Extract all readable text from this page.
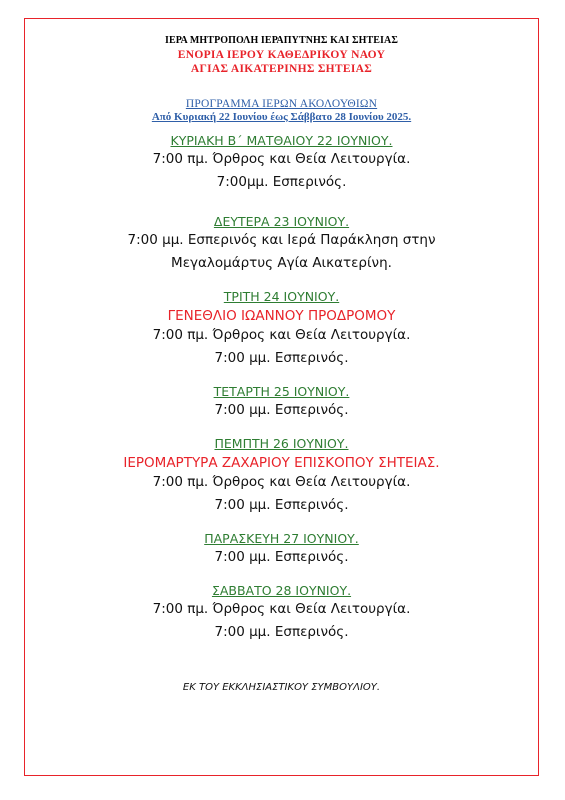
ΙΕΡΑ ΜΗΤΡΟΠΟΛΗ ΙΕΡΑΠΥΤΝΗΣ ΚΑΙ ΣΗΤΕΙΑΣ
ΕΝΟΡΙΑ ΙΕΡΟΥ ΚΑΘΕΔΡΙΚΟΥ ΝΑΟΥ
ΑΓΙΑΣ ΑΙΚΑΤΕΡΙΝΗΣ ΣΗΤΕΙΑΣ
ΠΡΟΓΡΑΜΜΑ ΙΕΡΩΝ ΑΚΟΛΟΥΘΙΩΝ
Από Κυριακή 22 Ιουνίου έως Σάββατο 28 Ιουνίου 2025.
ΚΥΡΙΑΚΗ Β΄ ΜΑΤΘΑΙΟΥ 22 ΙΟΥΝΙΟΥ.
7:00 πμ. Όρθρος και Θεία Λειτουργία.
7:00μμ. Εσπερινός.
ΔΕΥΤΕΡΑ 23 ΙΟΥΝΙΟΥ.
7:00 μμ. Εσπερινός και Ιερά Παράκληση στην
Μεγαλομάρτυς Αγία Αικατερίνη.
ΤΡΙΤΗ 24 ΙΟΥΝΙΟΥ.
ΓΕΝΕΘΛΙΟ ΙΩΑΝΝΟΥ ΠΡΟΔΡΟΜΟΥ
7:00 πμ. Όρθρος και Θεία Λειτουργία.
7:00 μμ. Εσπερινός.
ΤΕΤΑΡΤΗ 25 ΙΟΥΝΙΟΥ.
7:00 μμ. Εσπερινός.
ΠΕΜΠΤΗ 26 ΙΟΥΝΙΟΥ.
ΙΕΡΟΜΑΡΤΥΡΑ ΖΑΧΑΡΙΟΥ ΕΠΙΣΚΟΠΟΥ ΣΗΤΕΙΑΣ.
7:00 πμ. Όρθρος και Θεία Λειτουργία.
7:00 μμ. Εσπερινός.
ΠΑΡΑΣΚΕΥΗ 27 ΙΟΥΝΙΟΥ.
7:00 μμ. Εσπερινός.
ΣΑΒΒΑΤΟ 28 ΙΟΥΝΙΟΥ.
7:00 πμ. Όρθρος και Θεία Λειτουργία.
7:00 μμ. Εσπερινός.
ΕΚ ΤΟΥ ΕΚΚΛΗΣΙΑΣΤΙΚΟΥ ΣΥΜΒΟΥΛΙΟΥ.
